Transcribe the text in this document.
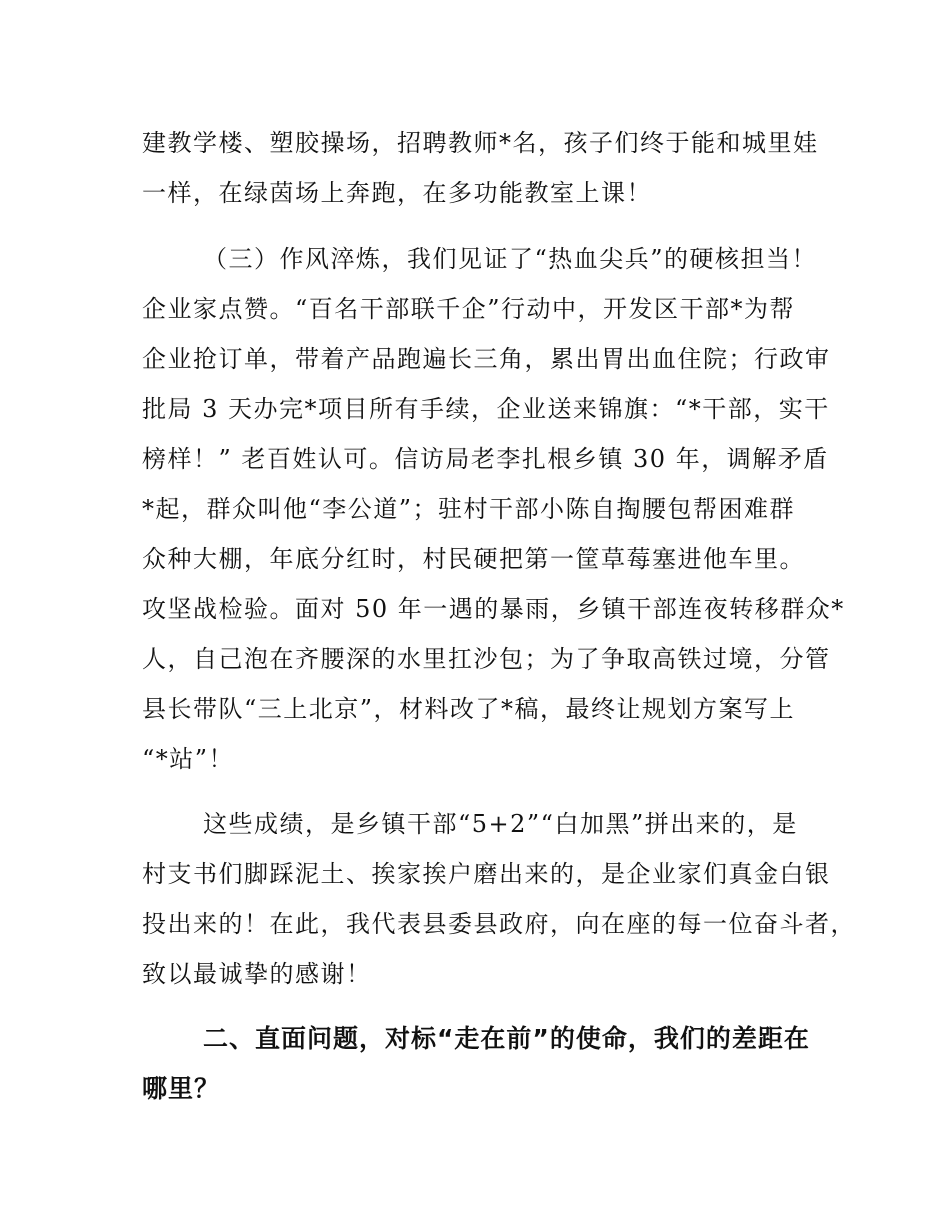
建教学楼、塑胶操场，招聘教师*名，孩子们终于能和城里娃
一样，在绿茵场上奔跑，在多功能教室上课！
（三）作风淬炼，我们见证了“热血尖兵”的硬核担当！
企业家点赞。“百名干部联千企”行动中，开发区干部*为帮
企业抢订单，带着产品跑遍长三角，累出胃出血住院；行政审
批局 3 天办完*项目所有手续，企业送来锦旗：“*干部，实干
榜样！” 老百姓认可。信访局老李扎根乡镇 30 年，调解矛盾
*起，群众叫他“李公道”；驻村干部小陈自掏腰包帮困难群
众种大棚，年底分红时，村民硬把第一筐草莓塞进他车里。
攻坚战检验。面对 50 年一遇的暴雨，乡镇干部连夜转移群众*
人，自己泡在齐腰深的水里扛沙包；为了争取高铁过境，分管
县长带队“三上北京”，材料改了*稿，最终让规划方案写上
“*站”！
这些成绩，是乡镇干部“5+2”“白加黑”拼出来的，是
村支书们脚踩泥土、挨家挨户磨出来的，是企业家们真金白银
投出来的！在此，我代表县委县政府，向在座的每一位奋斗者，
致以最诚挚的感谢！
二、直面问题，对标“走在前”的使命，我们的差距在
哪里？
